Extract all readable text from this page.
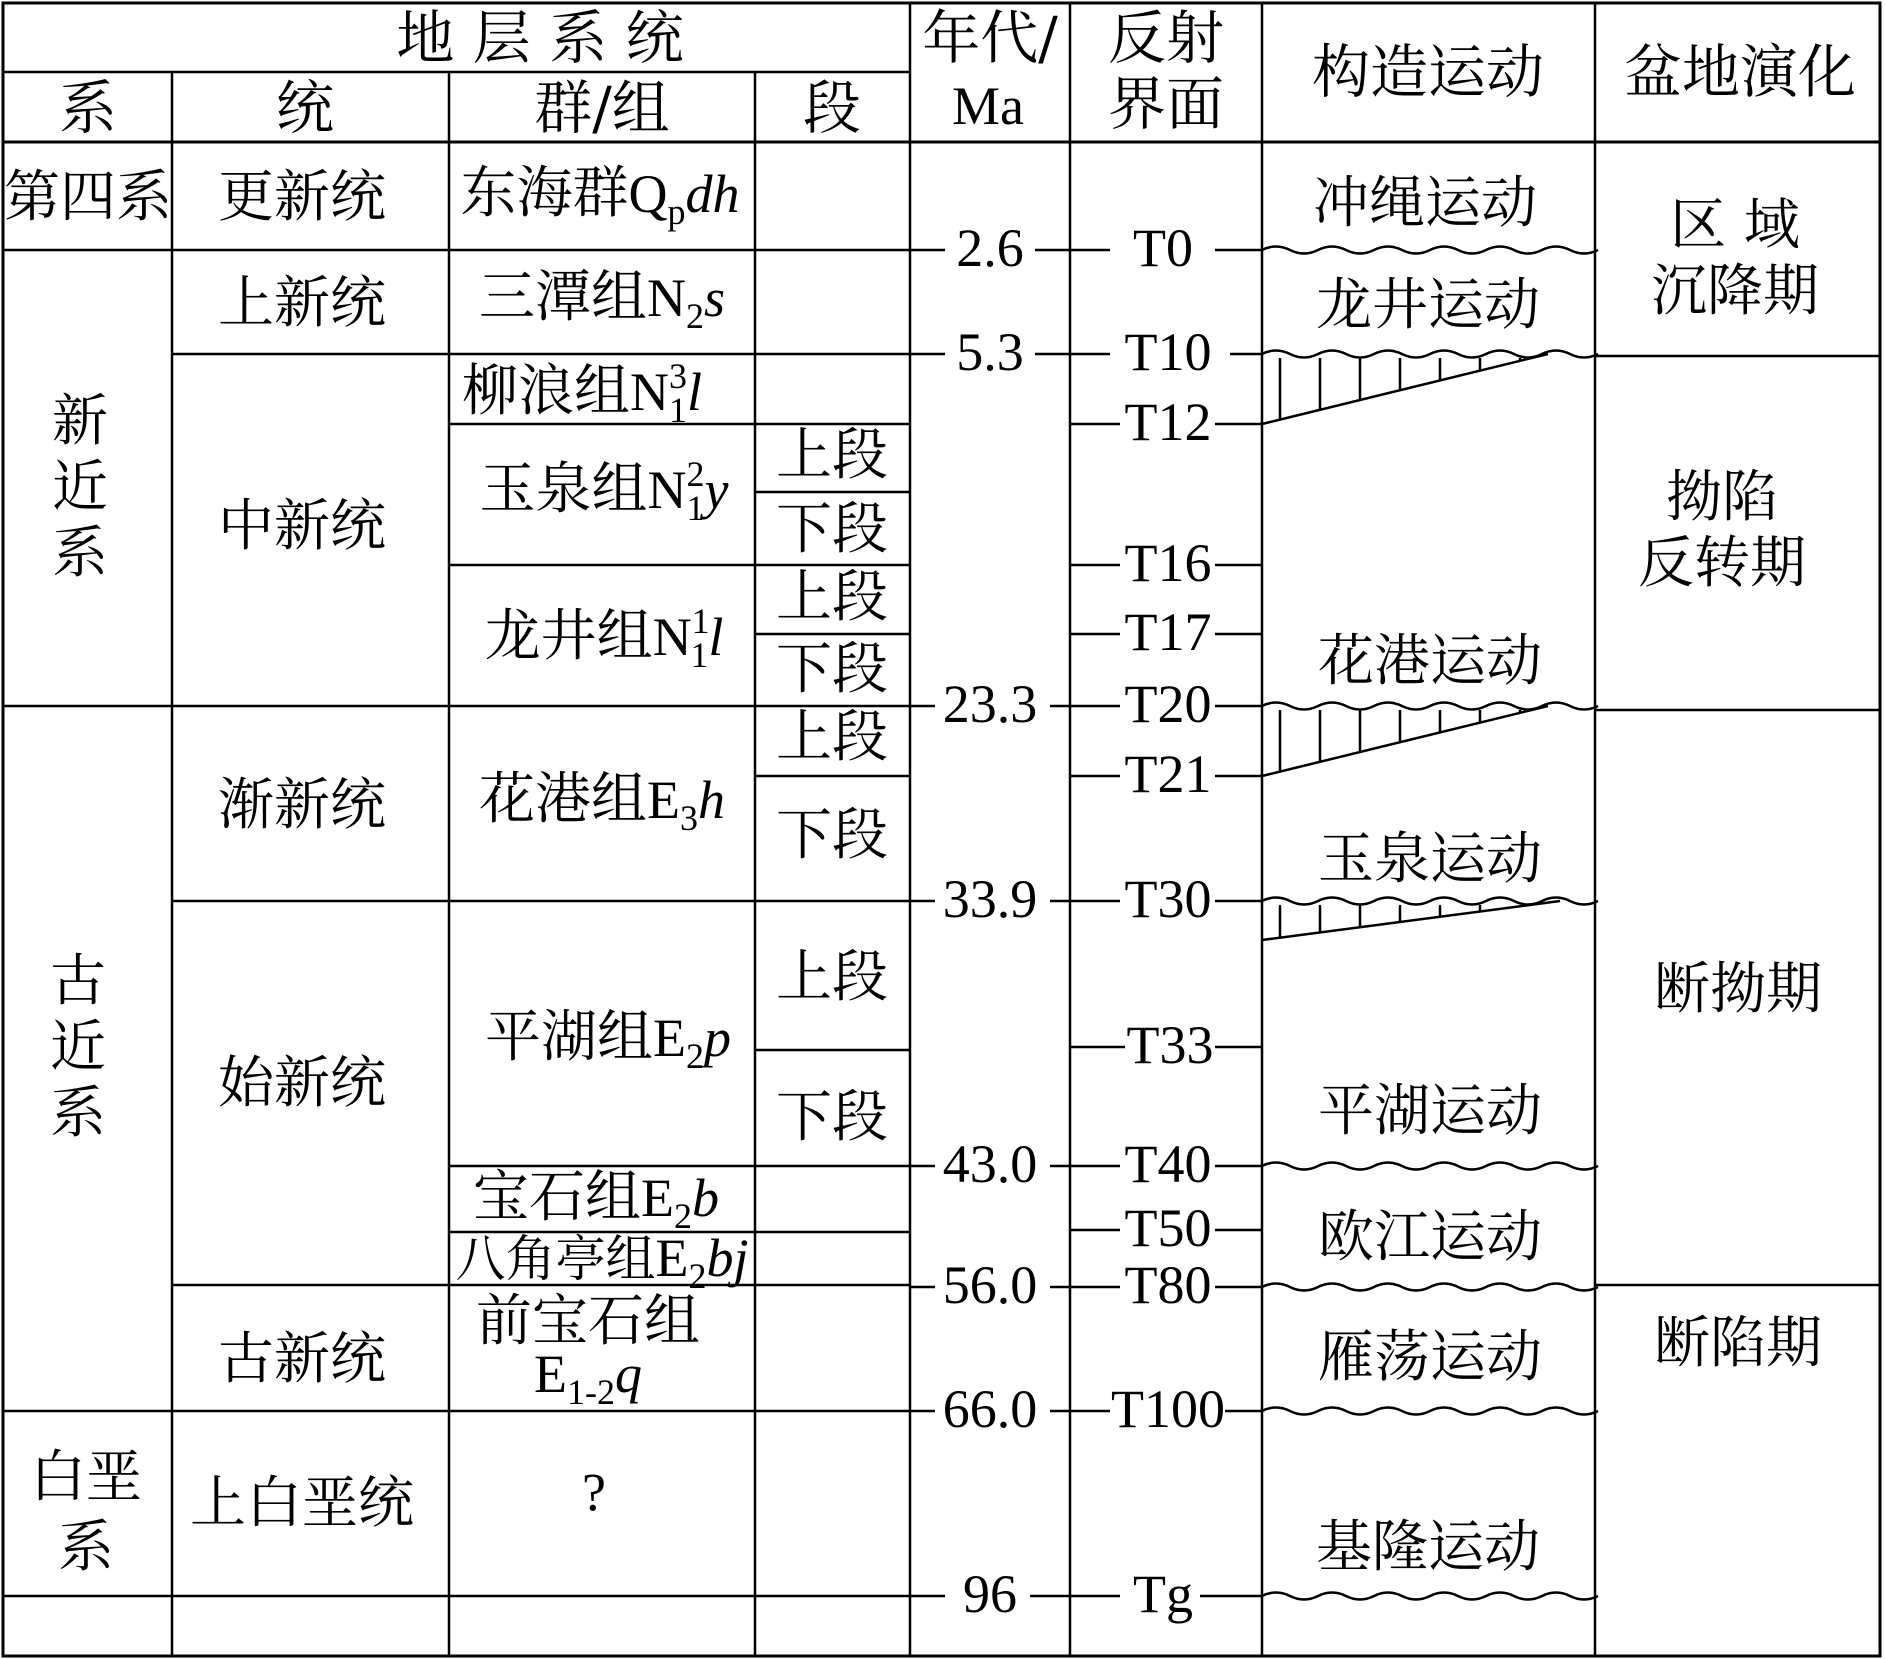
地 层 系 统
系	统	群/组 段
年代/
Ma
反射
界面 构造运动 盆地演化
第四系
新
近
系
古
近
系
白垩
系
更新统
上新统
中新统
渐新统
始新统
古新统
上白垩统
东海群$Q_pdh$
三潭组$N_2s$
柳浪组$N^3$ 1l
玉泉组$N^2$ 1y
龙井组$N^1$ 1l
花港组$E_3h$
平湖组$E_2p$
宝石组$E_2b$
八角亭组$E_2bj$
前宝石组
$E_{1-2}q$
?
上段
下段
上段
下段
上段
下段
上段
下段
2.6
5.3
23.3
33.9
43.0
56.0
66.0
96
T0
T10
T12
T16
T17
T20
T21
T30
T33
T40
T50
T80
T100
Tg
冲绳运动
龙井运动
花港运动
玉泉运动
平湖运动
欧江运动
雁荡运动
基隆运动
区 域
沉降期
拗陷
反转期
断拗期
断陷期
